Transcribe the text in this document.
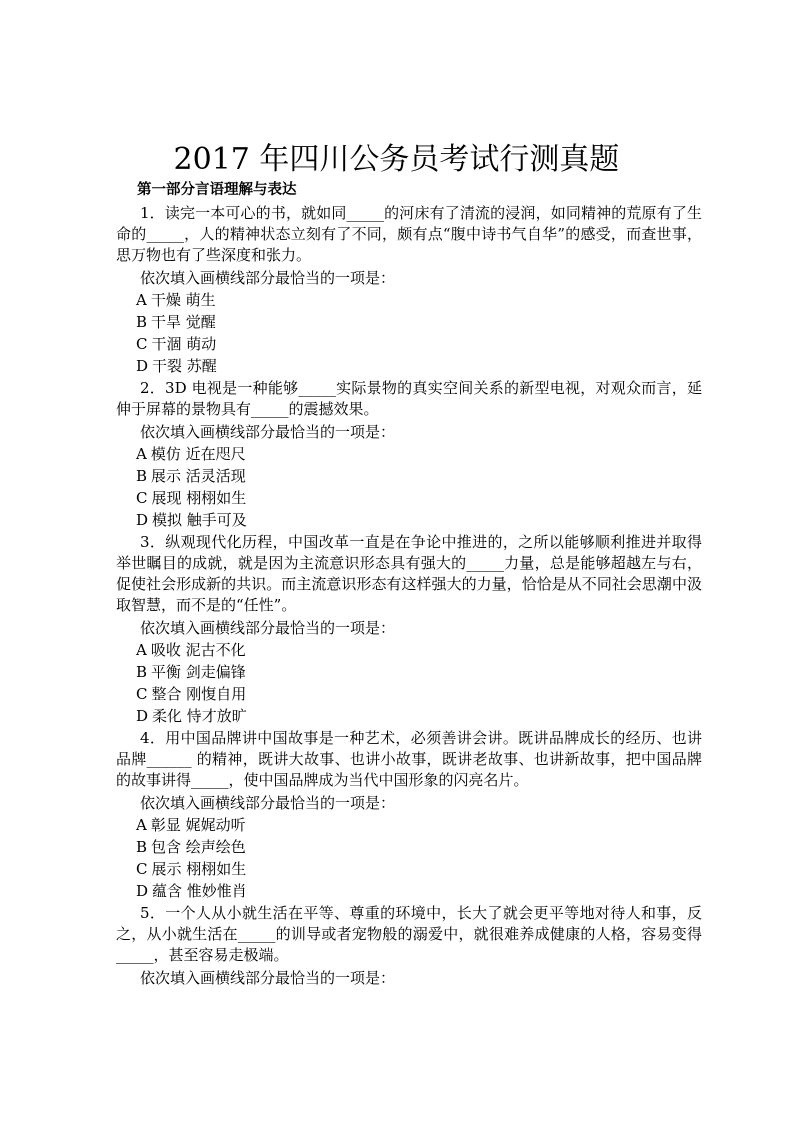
2017 年四川公务员考试行测真题
第一部分言语理解与表达

1．读完一本可心的书，就如同_____的河床有了清流的浸润，如同精神的荒原有了生命的_____，人的精神状态立刻有了不同，颇有点“腹中诗书气自华”的感受，而查世事，思万物也有了些深度和张力。

依次填入画横线部分最恰当的一项是：
A 干燥 萌生
B 干旱 觉醒
C 干涸 萌动
D 干裂 苏醒

2．3D 电视是一种能够_____实际景物的真实空间关系的新型电视，对观众而言，延伸于屏幕的景物具有_____的震撼效果。

依次填入画横线部分最恰当的一项是：
A 模仿 近在咫尺
B 展示 活灵活现
C 展现 栩栩如生
D 模拟 触手可及

3．纵观现代化历程，中国改革一直是在争论中推进的，之所以能够顺利推进并取得举世瞩目的成就，就是因为主流意识形态具有强大的_____力量，总是能够超越左与右，促使社会形成新的共识。而主流意识形态有这样强大的力量，恰恰是从不同社会思潮中汲取智慧，而不是的“任性”。

依次填入画横线部分最恰当的一项是：
A 吸收 泥古不化
B 平衡 剑走偏锋
C 整合 刚愎自用
D 柔化 恃才放旷

4．用中国品牌讲中国故事是一种艺术，必须善讲会讲。既讲品牌成长的经历、也讲品牌______ 的精神，既讲大故事、也讲小故事，既讲老故事、也讲新故事，把中国品牌的故事讲得_____，使中国品牌成为当代中国形象的闪亮名片。

依次填入画横线部分最恰当的一项是：
A 彰显 娓娓动听
B 包含 绘声绘色
C 展示 栩栩如生
D 蕴含 惟妙惟肖

5．一个人从小就生活在平等、尊重的环境中，长大了就会更平等地对待人和事，反之，从小就生活在_____的训导或者宠物般的溺爱中，就很难养成健康的人格，容易变得_____，甚至容易走极端。

依次填入画横线部分最恰当的一项是：
